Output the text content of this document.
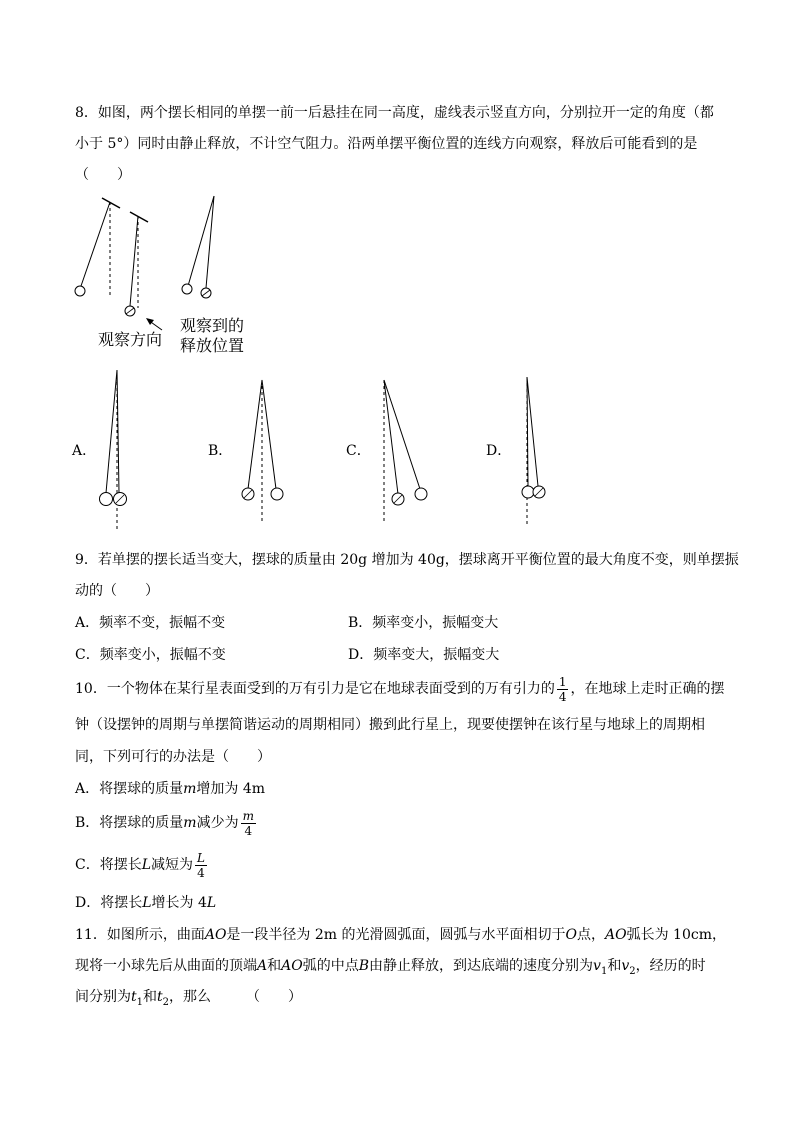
8．如图，两个摆长相同的单摆一前一后悬挂在同一高度，虚线表示竖直方向，分别拉开一定的角度（都
小于 5°）同时由静止释放，不计空气阻力。沿两单摆平衡位置的连线方向观察，释放后可能看到的是
（　　）
观察方向
观察到的
释放位置
A．	B．	C．	D．
9．若单摆的摆长适当变大，摆球的质量由 20g 增加为 40g，摆球离开平衡位置的最大角度不变，则单摆振
动的（　　）
A．频率不变，振幅不变	B．频率变小，振幅变大
C．频率变小，振幅不变	D．频率变大，振幅变大
10．一个物体在某行星表面受到的万有引力是它在地球表面受到的万有引力的 $\frac{1}{4}$ ，在地球上走时正确的摆
钟（设摆钟的周期与单摆简谐运动的周期相同）搬到此行星上，现要使摆钟在该行星与地球上的周期相
同，下列可行的办法是（　　）
A．将摆球的质量m增加为 4m
B．将摆球的质量m减少为 $\frac{m}{4}$
C．将摆长L减短为 $\frac{L}{4}$
D．将摆长L增长为 4L
11．如图所示，曲面AO是一段半径为 2m 的光滑圆弧面，圆弧与水平面相切于O点，AO弧长为 10cm，
现将一小球先后从曲面的顶端A和AO弧的中点B由静止释放，到达底端的速度分别为$v_1$和$v_2$，经历的时
间分别为$t_1$和$t_2$，那么　　　（　　）
